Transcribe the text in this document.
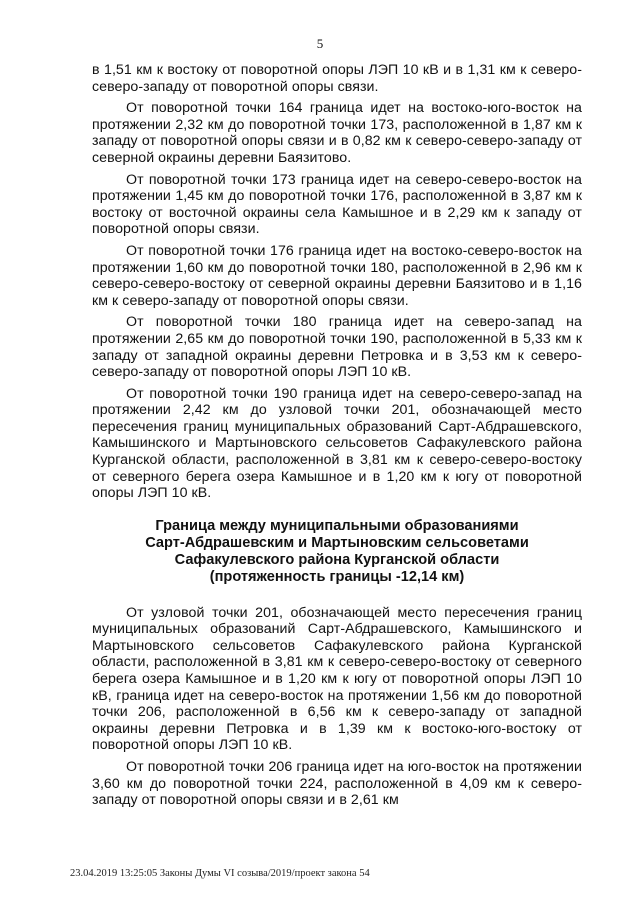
5

в 1,51 км к востоку от поворотной опоры ЛЭП 10 кВ и в 1,31 км к северо-северо-западу от поворотной опоры связи.

От поворотной точки 164 граница идет на востоко-юго-восток на протяжении 2,32 км до поворотной точки 173, расположенной в 1,87 км к западу от поворотной опоры связи и в 0,82 км к северо-северо-западу от северной окраины деревни Баязитово.

От поворотной точки 173 граница идет на северо-северо-восток на протяжении 1,45 км до поворотной точки 176, расположенной в 3,87 км к востоку от восточной окраины села Камышное и в 2,29 км к западу от поворотной опоры связи.

От поворотной точки 176 граница идет на востоко-северо-восток на протяжении 1,60 км до поворотной точки 180, расположенной в 2,96 км к северо-северо-востоку от северной окраины деревни Баязитово и в 1,16 км к северо-западу от поворотной опоры связи.

От поворотной точки 180 граница идет на северо-запад на протяжении 2,65 км до поворотной точки 190, расположенной в 5,33 км к западу от западной окраины деревни Петровка и в 3,53 км к северо-северо-западу от поворотной опоры ЛЭП 10 кВ.

От поворотной точки 190 граница идет на северо-северо-запад на протяжении 2,42 км до узловой точки 201, обозначающей место пересечения границ муниципальных образований Сарт-Абдрашевского, Камышинского и Мартыновского сельсоветов Сафакулевского района Курганской области, расположенной в 3,81 км к северо-северо-востоку от северного берега озера Камышное и в 1,20 км к югу от поворотной опоры ЛЭП 10 кВ.

Граница между муниципальными образованиями
Сарт-Абдрашевским и Мартыновским сельсоветами
Сафакулевского района Курганской области
(протяженность границы -12,14 км)

От узловой точки 201, обозначающей место пересечения границ муниципальных образований Сарт-Абдрашевского, Камышинского и Мартыновского сельсоветов Сафакулевского района Курганской области, расположенной в 3,81 км к северо-северо-востоку от северного берега озера Камышное и в 1,20 км к югу от поворотной опоры ЛЭП 10 кВ, граница идет на северо-восток на протяжении 1,56 км до поворотной точки 206, расположенной в 6,56 км к северо-западу от западной окраины деревни Петровка и в 1,39 км к востоко-юго-востоку от поворотной опоры ЛЭП 10 кВ.

От поворотной точки 206 граница идет на юго-восток на протяжении 3,60 км до поворотной точки 224, расположенной в 4,09 км к северо-западу от поворотной опоры связи и в 2,61 км

23.04.2019 13:25:05 Законы Думы VI созыва/2019/проект закона 54
